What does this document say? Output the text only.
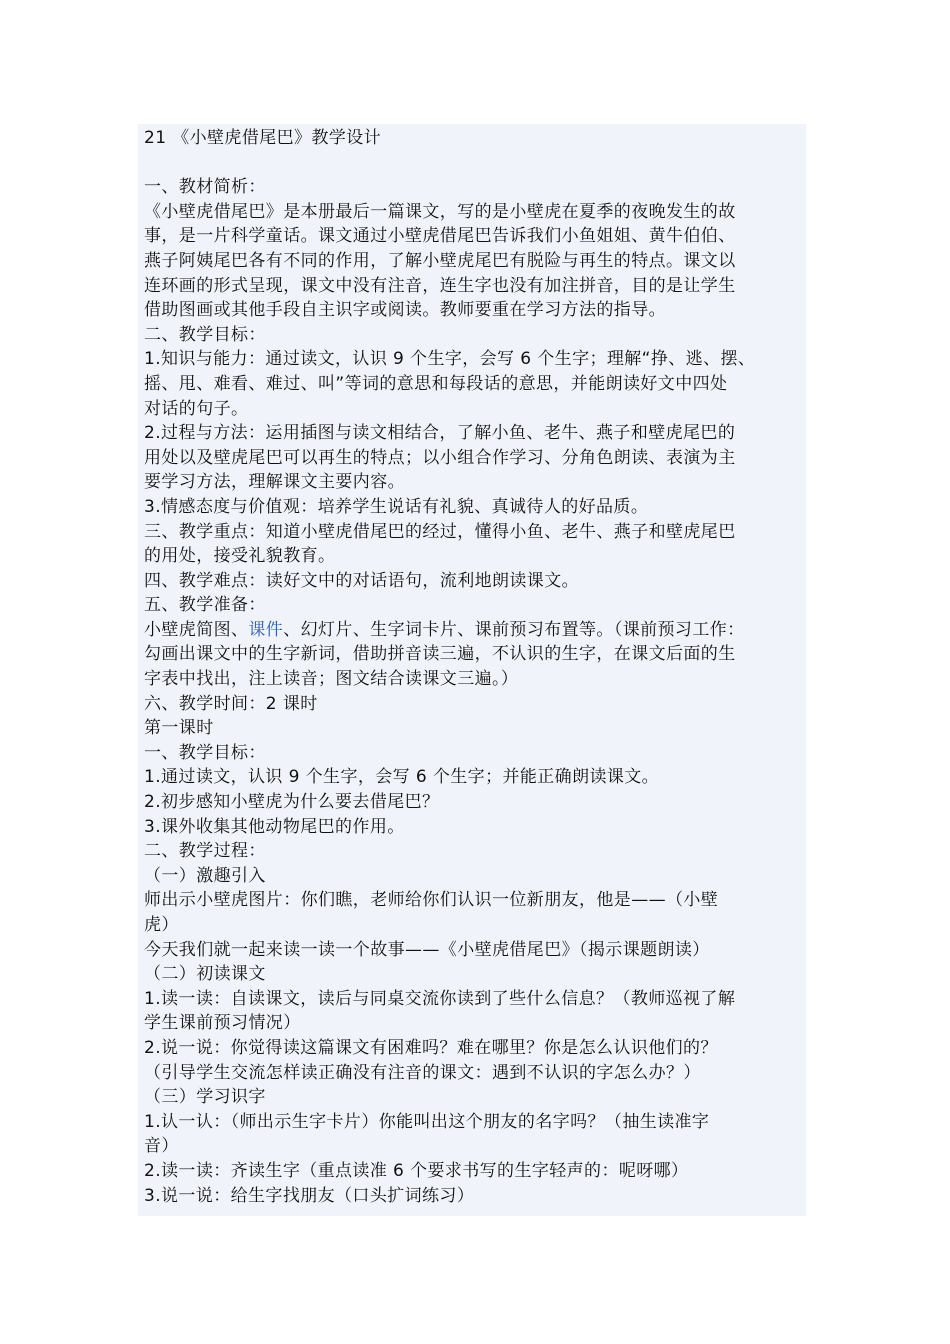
21 《小壁虎借尾巴》教学设计

一、教材简析：
《小壁虎借尾巴》是本册最后一篇课文，写的是小壁虎在夏季的夜晚发生的故
事，是一片科学童话。课文通过小壁虎借尾巴告诉我们小鱼姐姐、黄牛伯伯、
燕子阿姨尾巴各有不同的作用，了解小壁虎尾巴有脱险与再生的特点。课文以
连环画的形式呈现，课文中没有注音，连生字也没有加注拼音，目的是让学生
借助图画或其他手段自主识字或阅读。教师要重在学习方法的指导。
二、教学目标：
1.知识与能力：通过读文，认识 9 个生字，会写 6 个生字；理解“挣、逃、摆、
摇、甩、难看、难过、叫”等词的意思和每段话的意思，并能朗读好文中四处
对话的句子。
2.过程与方法：运用插图与读文相结合，了解小鱼、老牛、燕子和壁虎尾巴的
用处以及壁虎尾巴可以再生的特点；以小组合作学习、分角色朗读、表演为主
要学习方法，理解课文主要内容。
3.情感态度与价值观：培养学生说话有礼貌、真诚待人的好品质。
三、教学重点：知道小壁虎借尾巴的经过，懂得小鱼、老牛、燕子和壁虎尾巴
的用处，接受礼貌教育。
四、教学难点：读好文中的对话语句，流利地朗读课文。
五、教学准备：
小壁虎简图、课件、幻灯片、生字词卡片、课前预习布置等。（课前预习工作：
勾画出课文中的生字新词，借助拼音读三遍，不认识的生字，在课文后面的生
字表中找出，注上读音；图文结合读课文三遍。）
六、教学时间：2 课时
第一课时
一、教学目标：
1.通过读文，认识 9 个生字，会写 6 个生字；并能正确朗读课文。
2.初步感知小壁虎为什么要去借尾巴？
3.课外收集其他动物尾巴的作用。
二、教学过程：
（一）激趣引入
师出示小壁虎图片：你们瞧，老师给你们认识一位新朋友，他是——（小壁
虎）
今天我们就一起来读一读一个故事——《小壁虎借尾巴》（揭示课题朗读）
（二）初读课文
1.读一读：自读课文，读后与同桌交流你读到了些什么信息？（教师巡视了解
学生课前预习情况）
2.说一说：你觉得读这篇课文有困难吗？难在哪里？你是怎么认识他们的？
（引导学生交流怎样读正确没有注音的课文：遇到不认识的字怎么办？）
（三）学习识字
1.认一认：（师出示生字卡片）你能叫出这个朋友的名字吗？（抽生读准字
音）
2.读一读：齐读生字（重点读准 6 个要求书写的生字轻声的：呢呀哪）
3.说一说：给生字找朋友（口头扩词练习）
